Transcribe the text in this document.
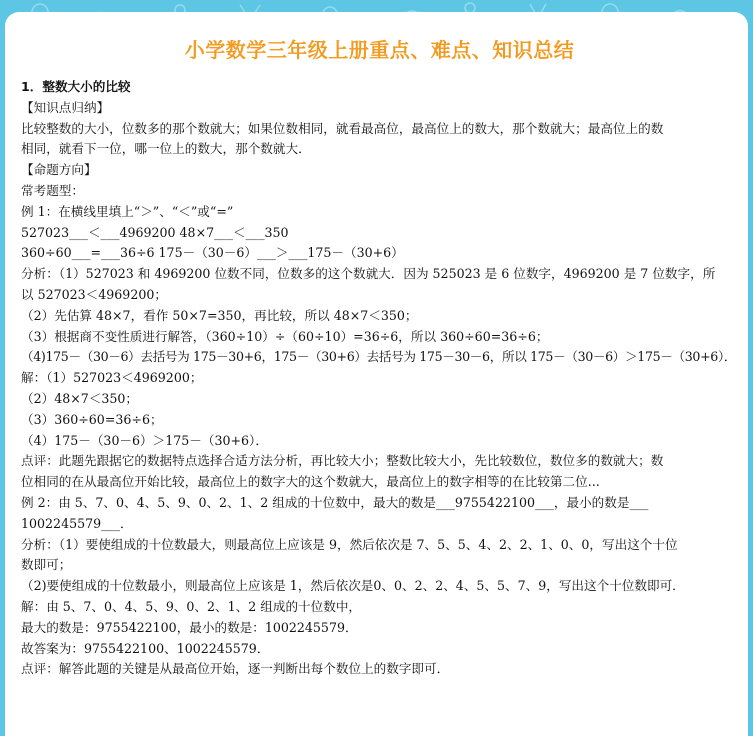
小学数学三年级上册重点、难点、知识总结
1．整数大小的比较
【知识点归纳】
比较整数的大小，位数多的那个数就大；如果位数相同，就看最高位，最高位上的数大，那个数就大；最高位上的数
相同，就看下一位，哪一位上的数大，那个数就大．
【命题方向】
常考题型：
例 1：在横线里填上“＞”、“＜”或“=”
527023___＜___4969200 48×7___＜___350
360÷60___=___36÷6 175－（30－6）___＞___175－（30+6）
分析：（1）527023 和 4969200 位数不同，位数多的这个数就大．因为 525023 是 6 位数字，4969200 是 7 位数字，所
以 527023＜4969200；
（2）先估算 48×7，看作 50×7=350，再比较，所以 48×7＜350；
（3）根据商不变性质进行解答，（360÷10）÷（60÷10）=36÷6，所以 360÷60=36÷6；
（4)175－（30－6）去括号为 175－30+6，175－（30+6）去括号为 175－30－6，所以 175－（30－6）＞175－（30+6）．
解：（1）527023＜4969200；
（2）48×7＜350；
（3）360÷60=36÷6；
（4）175－（30－6）＞175－（30+6）．
点评：此题先跟据它的数据特点选择合适方法分析，再比较大小；整数比较大小，先比较数位，数位多的数就大；数
位相同的在从最高位开始比较，最高位上的数字大的这个数就大，最高位上的数字相等的在比较第二位...
例 2：由 5、7、0、4、5、9、0、2、1、2 组成的十位数中，最大的数是___9755422100___，最小的数是___
1002245579___．
分析：（1）要使组成的十位数最大，则最高位上应该是 9，然后依次是 7、5、5、4、2、2、1、0、0，写出这个十位
数即可；
（2)要使组成的十位数最小，则最高位上应该是 1，然后依次是0、0、2、2、4、5、5、7、9，写出这个十位数即可．
解：由 5、7、0、4、5、9、0、2、1、2 组成的十位数中，
最大的数是：9755422100，最小的数是：1002245579．
故答案为：9755422100、1002245579．
点评：解答此题的关键是从最高位开始，逐一判断出每个数位上的数字即可．
